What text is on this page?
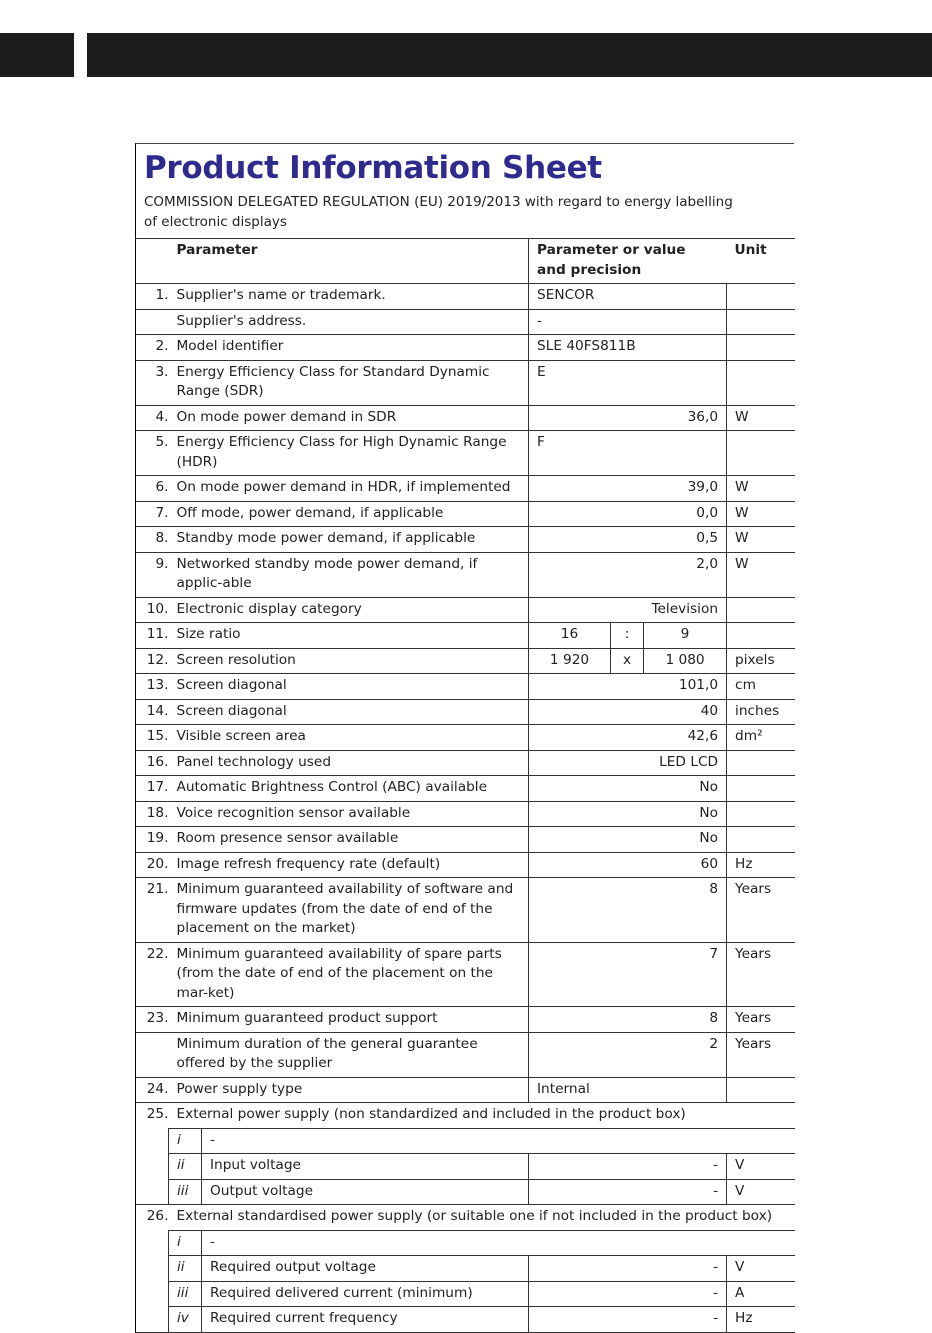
Product Information Sheet
COMMISSION DELEGATED REGULATION (EU) 2019/2013 with regard to energy labelling of electronic displays
	Parameter		Parameter or value and precision			Unit
1.	Supplier's name or trademark.		SENCOR			
	Supplier's address.		-			
2.	Model identifier		SLE 40FS811B			
3.	Energy Efficiency Class for Standard Dynamic Range (SDR)		E			
4.	On mode power demand in SDR		36,0			W
5.	Energy Efficiency Class for High Dynamic Range (HDR)		F			
6.	On mode power demand in HDR, if implemented		39,0			W
7.	Off mode, power demand, if applicable		0,0			W
8.	Standby mode power demand, if applicable		0,5			W
9.	Networked standby mode power demand, if applic-able		2,0			W
10.	Electronic display category		Television			
11.	Size ratio		16	:	9	
12.	Screen resolution		1 920	x	1 080	pixels
13.	Screen diagonal		101,0			cm
14.	Screen diagonal		40			inches
15.	Visible screen area		42,6			dm²
16.	Panel technology used		LED LCD			
17.	Automatic Brightness Control (ABC) available		No			
18.	Voice recognition sensor available		No			
19.	Room presence sensor available		No			
20.	Image refresh frequency rate (default)		60			Hz
21.	Minimum guaranteed availability of software and firmware updates (from the date of end of the placement on the market)		8			Years
22.	Minimum guaranteed availability of spare parts (from the date of end of the placement on the mar-ket)		7			Years
23.	Minimum guaranteed product support		8			Years
	Minimum duration of the general guarantee offered by the supplier		2			Years
24.	Power supply type		Internal			
25.	External power supply (non standardized and included in the product box)					
	i	-				
	ii	Input voltage	-			V
	iii	Output voltage	-			V
26.	External standardised power supply (or suitable one if not included in the product box)					
	i	-				
	ii	Required output voltage	-			V
	iii	Required delivered current (minimum)	-			A
	iv	Required current frequency	-			Hz
